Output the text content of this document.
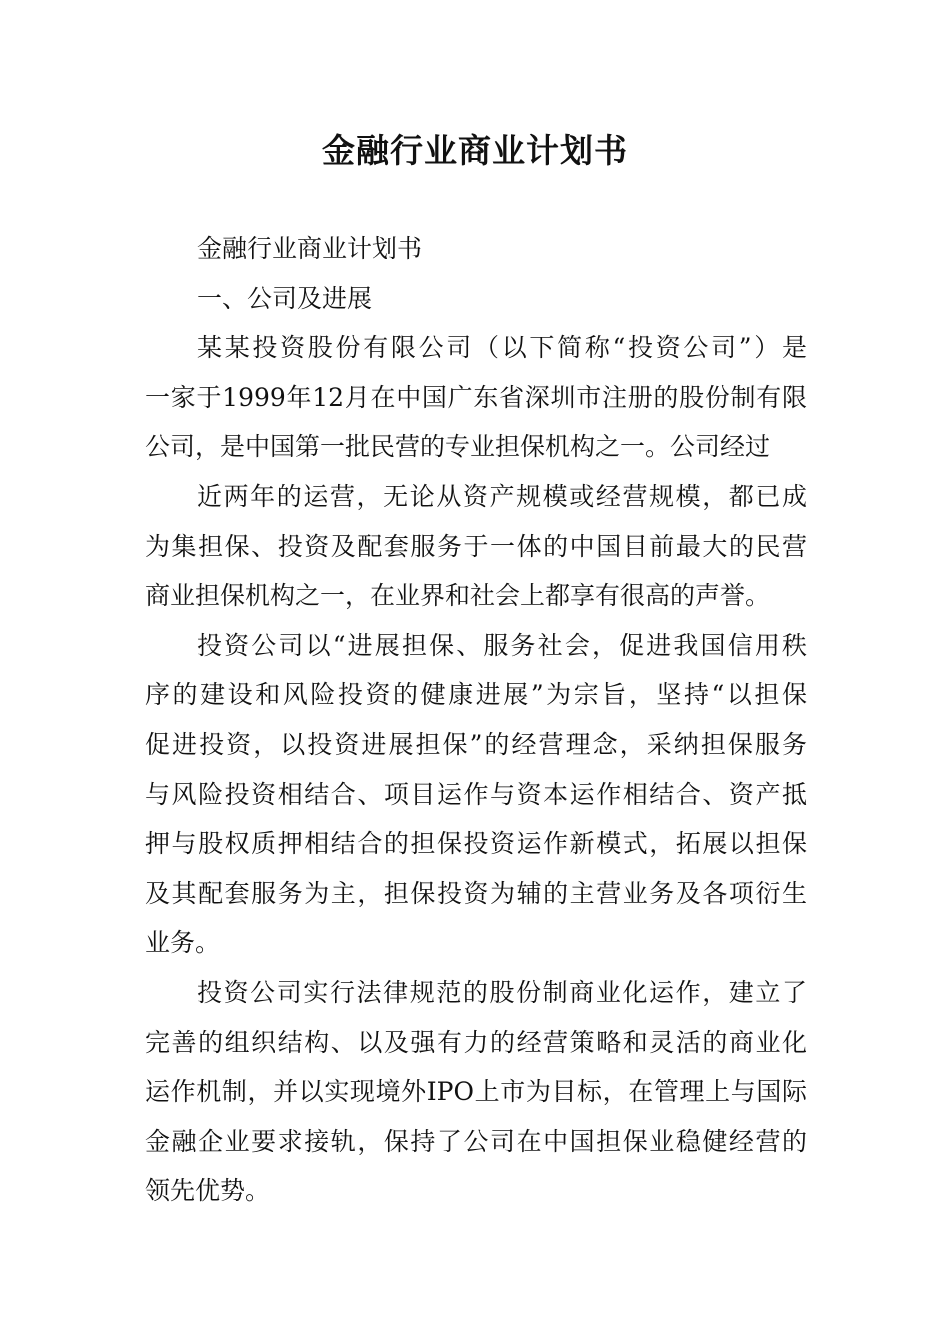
金融行业商业计划书
金融行业商业计划书
一、公司及进展
某某投资股份有限公司（以下简称“投资公司”）是
一家于1999年12月在中国广东省深圳市注册的股份制有限
公司，是中国第一批民营的专业担保机构之一。公司经过
近两年的运营，无论从资产规模或经营规模，都已成
为集担保、投资及配套服务于一体的中国目前最大的民营
商业担保机构之一，在业界和社会上都享有很高的声誉。
投资公司以“进展担保、服务社会，促进我国信用秩
序的建设和风险投资的健康进展”为宗旨，坚持“以担保
促进投资，以投资进展担保”的经营理念，采纳担保服务
与风险投资相结合、项目运作与资本运作相结合、资产抵
押与股权质押相结合的担保投资运作新模式，拓展以担保
及其配套服务为主，担保投资为辅的主营业务及各项衍生
业务。
投资公司实行法律规范的股份制商业化运作，建立了
完善的组织结构、以及强有力的经营策略和灵活的商业化
运作机制，并以实现境外IPO上市为目标，在管理上与国际
金融企业要求接轨，保持了公司在中国担保业稳健经营的
领先优势。
